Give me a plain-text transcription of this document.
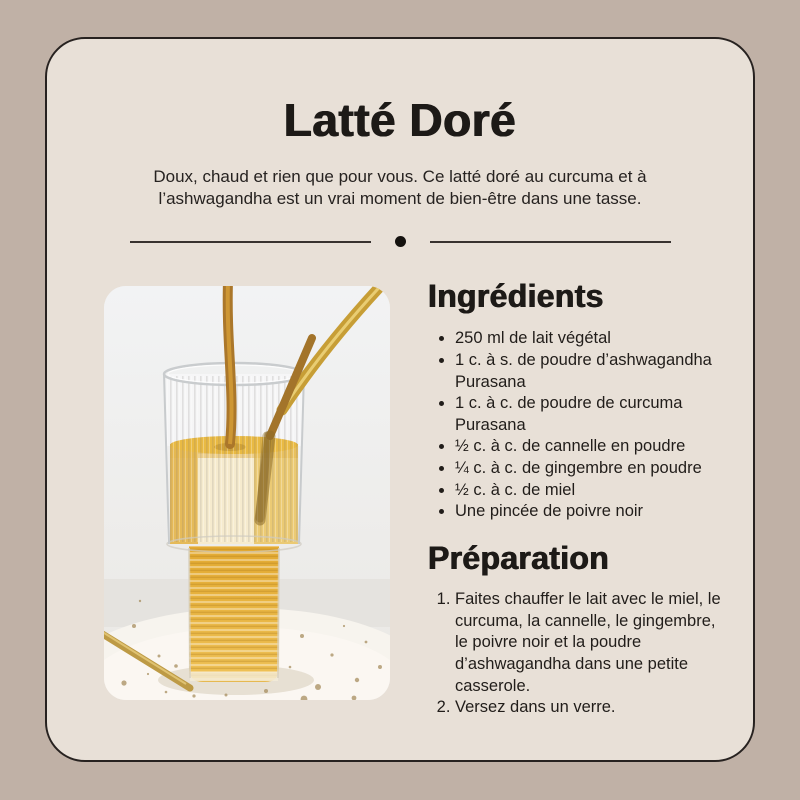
Latté Doré

Doux, chaud et rien que pour vous. Ce latté doré au curcuma et à l’ashwagandha est un vrai moment de bien-être dans une tasse.

Ingrédients
• 250 ml de lait végétal
• 1 c. à s. de poudre d’ashwagandha Purasana
• 1 c. à c. de poudre de curcuma Purasana
• ½ c. à c. de cannelle en poudre
• ¼ c. à c. de gingembre en poudre
• ½ c. à c. de miel
• Une pincée de poivre noir
Préparation
1. Faites chauffer le lait avec le miel, le curcuma, la cannelle, le gingembre, le poivre noir et la poudre d’ashwagandha dans une petite casserole.
2. Versez dans un verre.
